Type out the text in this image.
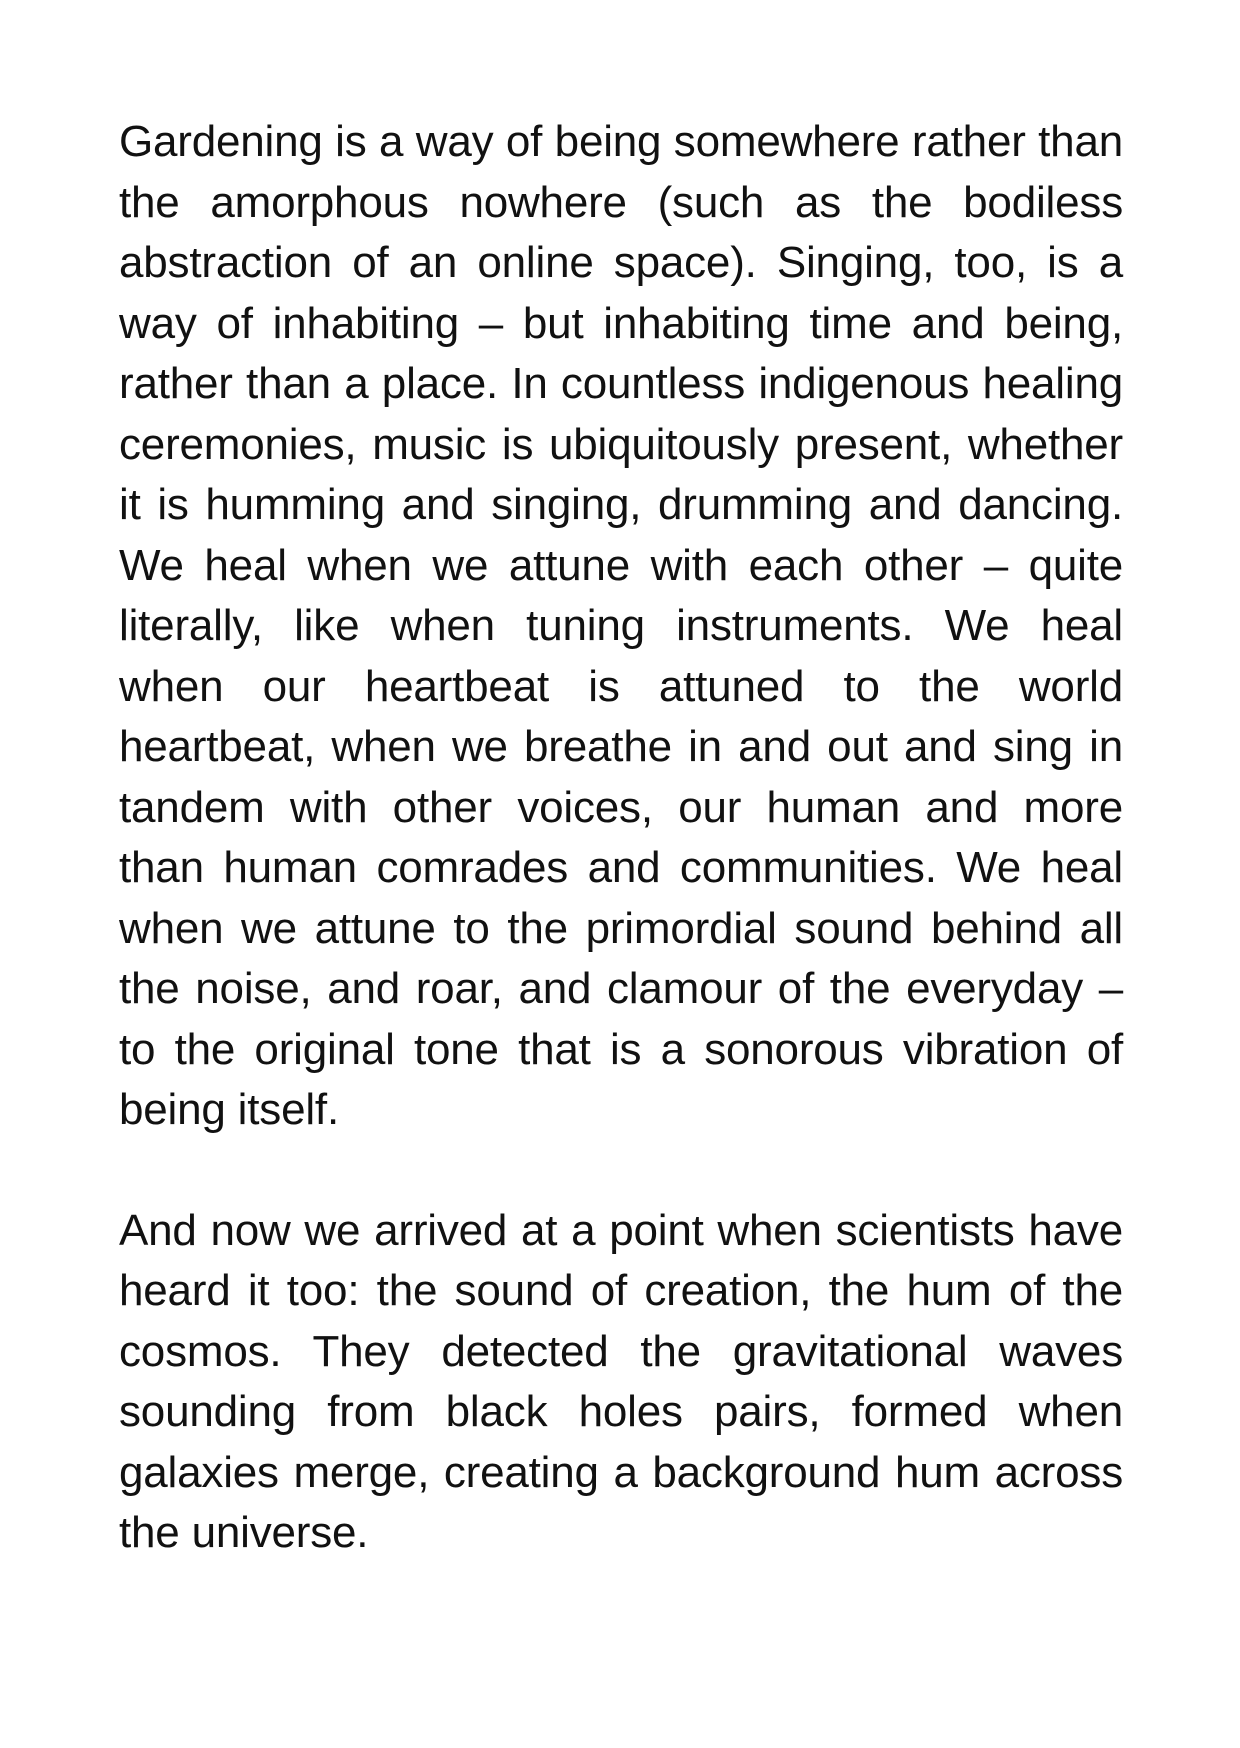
Gardening is a way of being somewhere rather than the amorphous nowhere (such as the bodiless abstraction of an online space). Singing, too, is a way of inhabiting – but inhabiting time and being, rather than a place. In countless indigenous healing ceremonies, music is ubiquitously present, whether it is humming and singing, drumming and dancing. We heal when we attune with each other – quite literally, like when tuning instruments. We heal when our heartbeat is attuned to the world heartbeat, when we breathe in and out and sing in tandem with other voices, our human and more than human comrades and communities. We heal when we attune to the primordial sound behind all the noise, and roar, and clamour of the everyday – to the original tone that is a sonorous vibration of being itself.

And now we arrived at a point when scientists have heard it too: the sound of creation, the hum of the cosmos. They detected the gravitational waves sounding from black holes pairs, formed when galaxies merge, creating a background hum across the universe.
